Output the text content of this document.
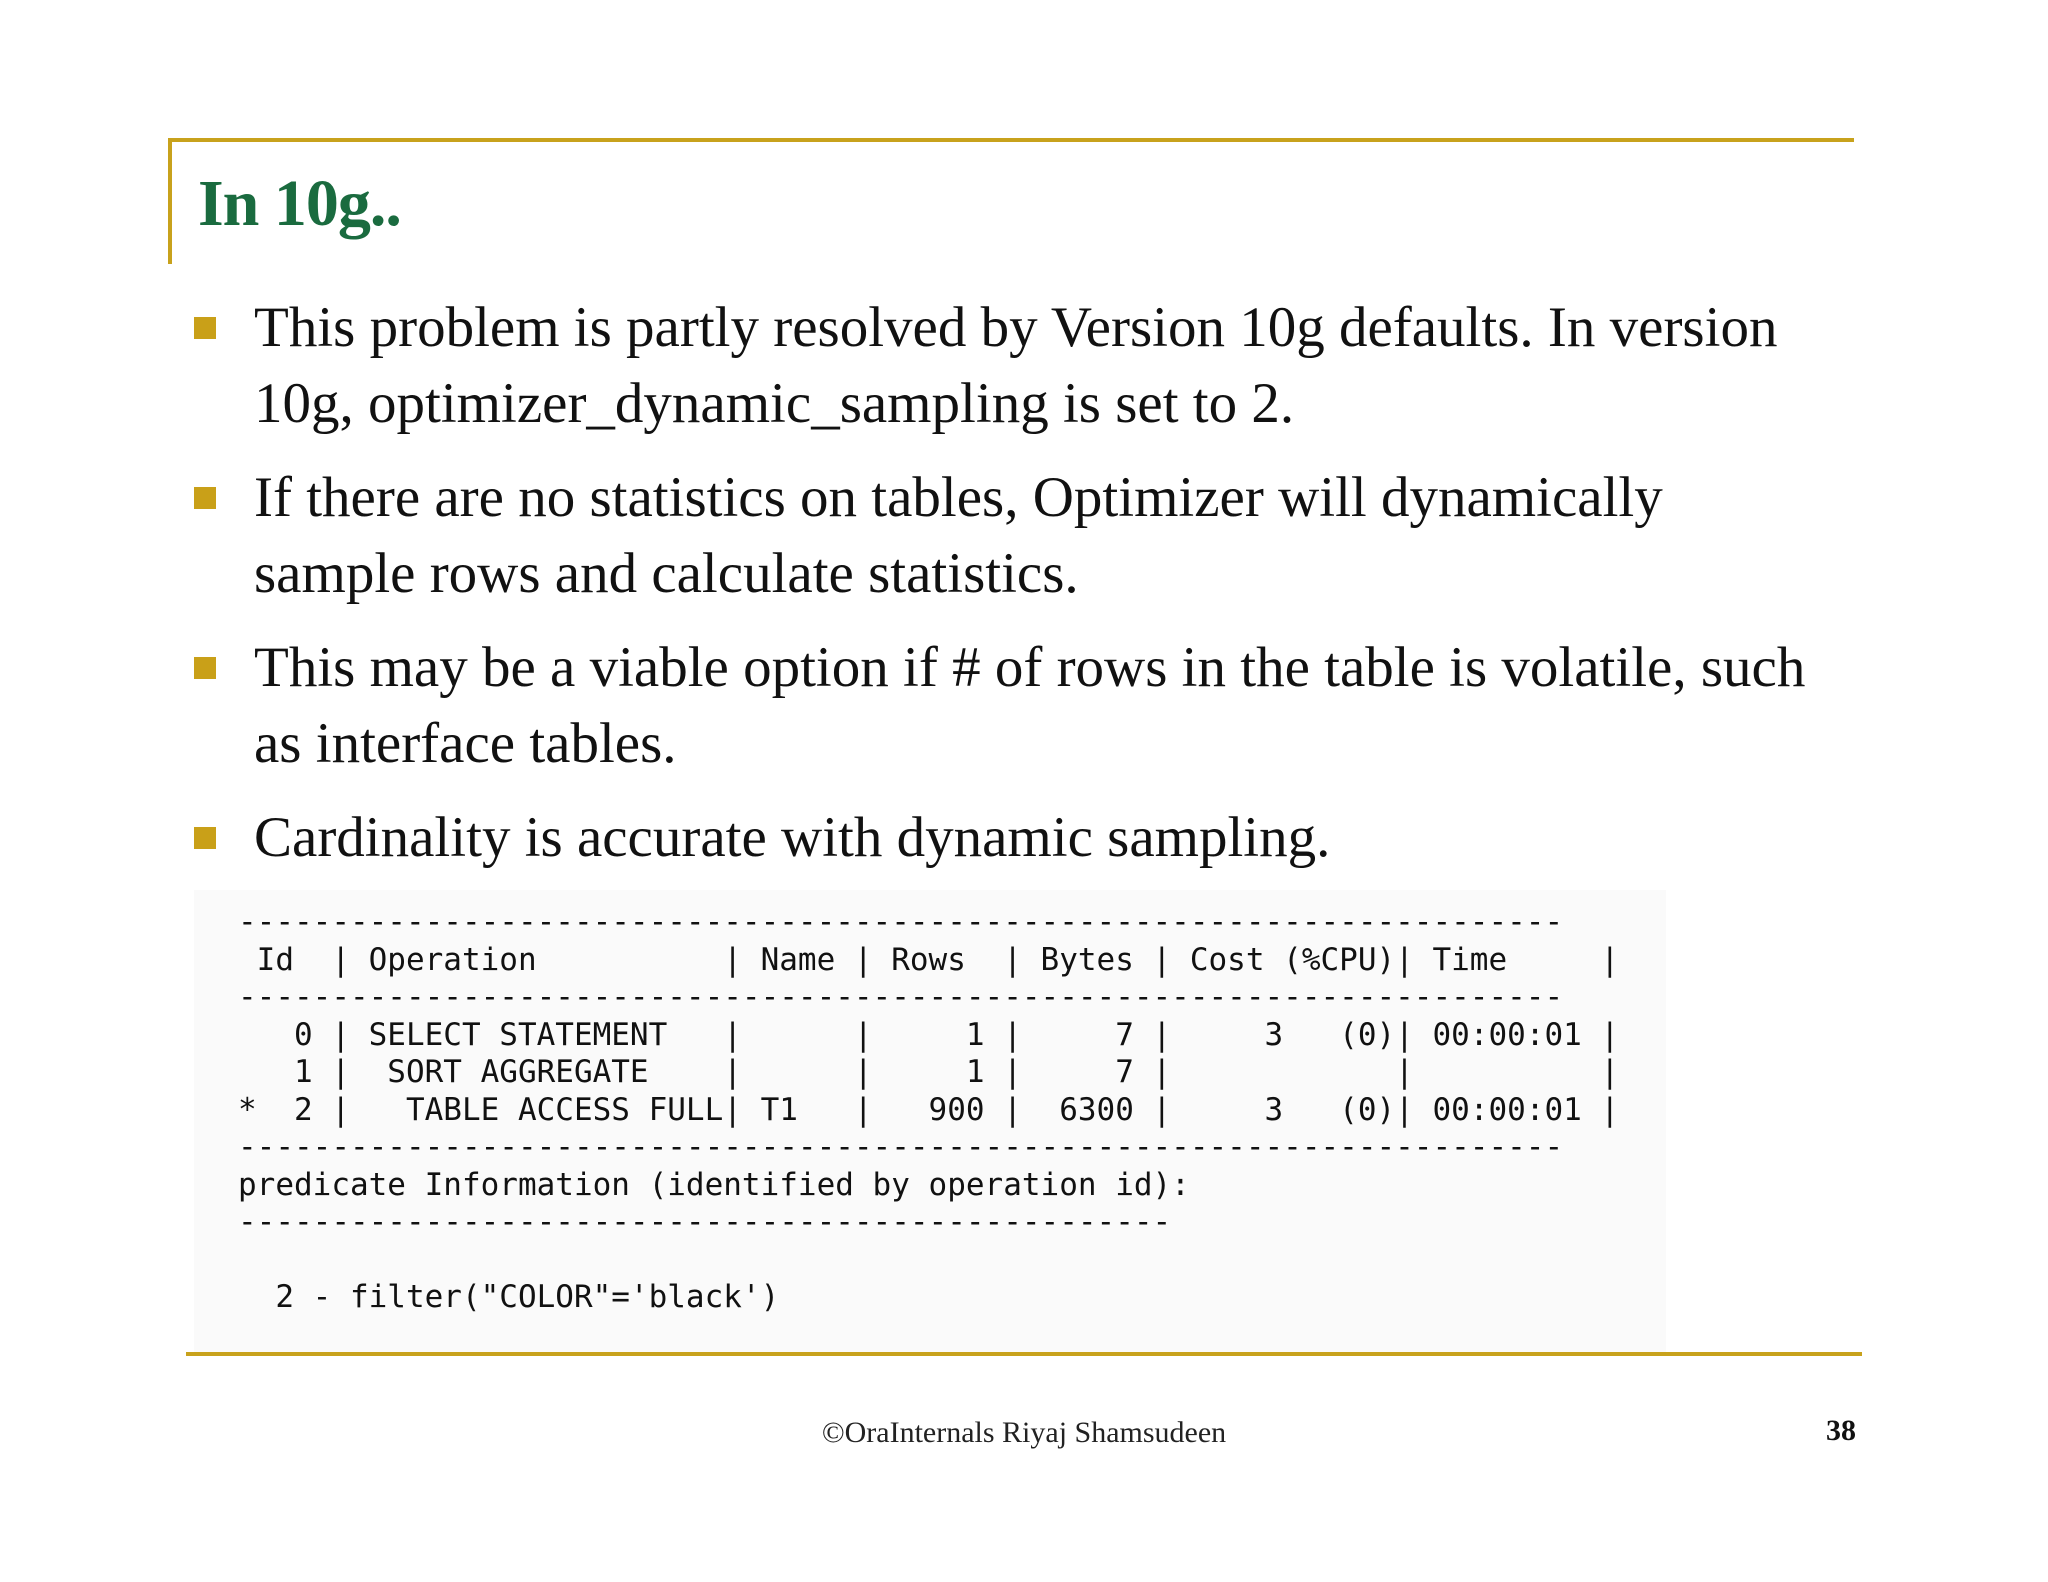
In 10g..
This problem is partly resolved by Version 10g defaults. In version 10g, optimizer_dynamic_sampling is set to 2.
If there are no statistics on tables, Optimizer will dynamically sample rows and calculate statistics.
This may be a viable option if # of rows in the table is volatile, such as interface tables.
Cardinality is accurate with dynamic sampling.
-----------------------------------------------------------------------
Id  | Operation          | Name | Rows  | Bytes | Cost (%CPU)| Time     |
-----------------------------------------------------------------------
0 | SELECT STATEMENT   |      |     1 |     7 |     3   (0)| 00:00:01 |
1 |  SORT AGGREGATE    |      |     1 |     7 |            |          |
*  2 |   TABLE ACCESS FULL| T1   |   900 |  6300 |     3   (0)| 00:00:01 |
-----------------------------------------------------------------------
predicate Information (identified by operation id):
--------------------------------------------------

2 - filter("COLOR"='black')
©OraInternals Riyaj Shamsudeen	38
